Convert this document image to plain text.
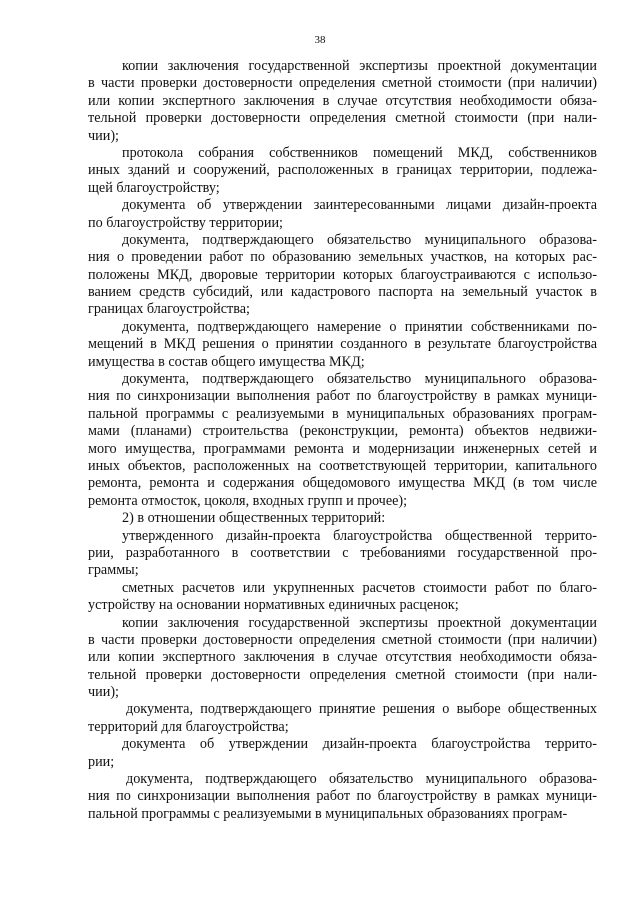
38
копии заключения государственной экспертизы проектной документации
в части проверки достоверности определения сметной стоимости (при наличии)
или копии экспертного заключения в случае отсутствия необходимости обяза-
тельной проверки достоверности определения сметной стоимости (при нали-
чии);
протокола собрания собственников помещений МКД, собственников
иных зданий и сооружений, расположенных в границах территории, подлежа-
щей благоустройству;
документа об утверждении заинтересованными лицами дизайн-проекта
по благоустройству территории;
документа, подтверждающего обязательство муниципального образова-
ния о проведении работ по образованию земельных участков, на которых рас-
положены МКД, дворовые территории которых благоустраиваются с использо-
ванием средств субсидий, или кадастрового паспорта на земельный участок в
границах благоустройства;
документа, подтверждающего намерение о принятии собственниками по-
мещений в МКД решения о принятии созданного в результате благоустройства
имущества в состав общего имущества МКД;
документа, подтверждающего обязательство муниципального образова-
ния по синхронизации выполнения работ по благоустройству в рамках муници-
пальной программы с реализуемыми в муниципальных образованиях програм-
мами (планами) строительства (реконструкции, ремонта) объектов недвижи-
мого имущества, программами ремонта и модернизации инженерных сетей и
иных объектов, расположенных на соответствующей территории, капитального
ремонта, ремонта и содержания общедомового имущества МКД (в том числе
ремонта отмосток, цоколя, входных групп и прочее);
2) в отношении общественных территорий:
утвержденного дизайн-проекта благоустройства общественной террито-
рии, разработанного в соответствии с требованиями государственной про-
граммы;
сметных расчетов или укрупненных расчетов стоимости работ по благо-
устройству на основании нормативных единичных расценок;
копии заключения государственной экспертизы проектной документации
в части проверки достоверности определения сметной стоимости (при наличии)
или копии экспертного заключения в случае отсутствия необходимости обяза-
тельной проверки достоверности определения сметной стоимости (при нали-
чии);
документа, подтверждающего принятие решения о выборе общественных
территорий для благоустройства;
документа об утверждении дизайн-проекта благоустройства террито-
рии;
документа, подтверждающего обязательство муниципального образова-
ния по синхронизации выполнения работ по благоустройству в рамках муници-
пальной программы с реализуемыми в муниципальных образованиях програм-
